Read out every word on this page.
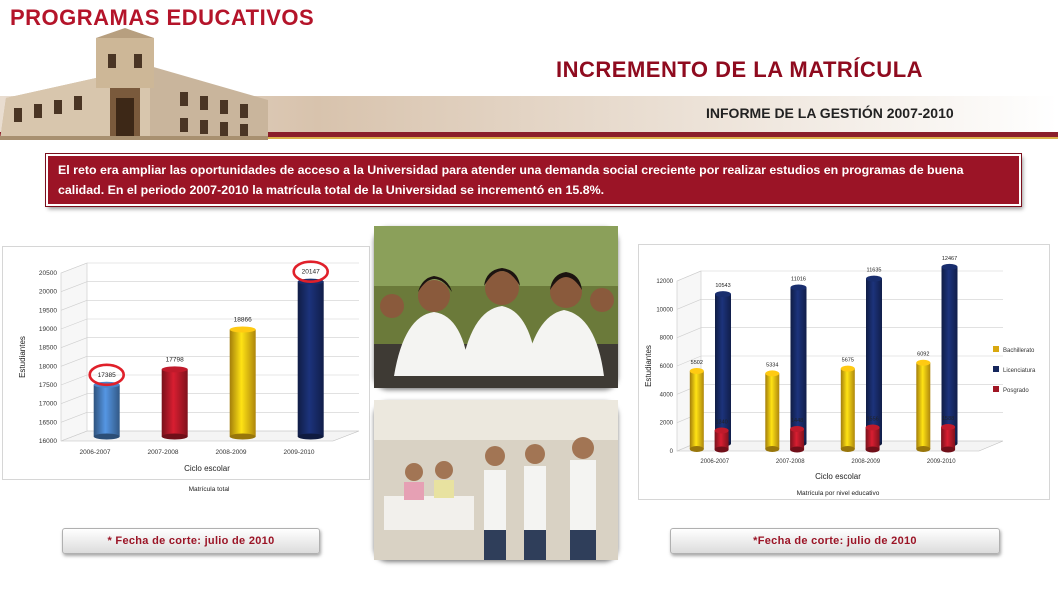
PROGRAMAS EDUCATIVOS
INCREMENTO DE LA MATRÍCULA
INFORME DE LA GESTIÓN 2007-2010
El reto era ampliar las oportunidades de acceso a la Universidad para atender una demanda social creciente por realizar estudios en programas de buena calidad. En el periodo 2007-2010 la matrícula total de la Universidad se incrementó en 15.8%.
16000
16500
17000
17500
18000
18500
19000
19500
20000
20500
17385
2006-2007
17798
2007-2008
18866
2008-2009
20147
2009-2010
Ciclo escolar
Estudiantes
Matrícula total
0
2000
4000
6000
8000
10000
12000
10543
5502
1340
2006-2007
11016
5334
1448
2007-2008
11635
5675
1556
2008-2009
12467
6092
1588
2009-2010
Bachillerato
Licenciatura
Posgrado
Ciclo escolar
Matrícula por nivel educativo
Estudiantes
* Fecha de corte: julio de 2010	*Fecha de corte: julio de 2010
